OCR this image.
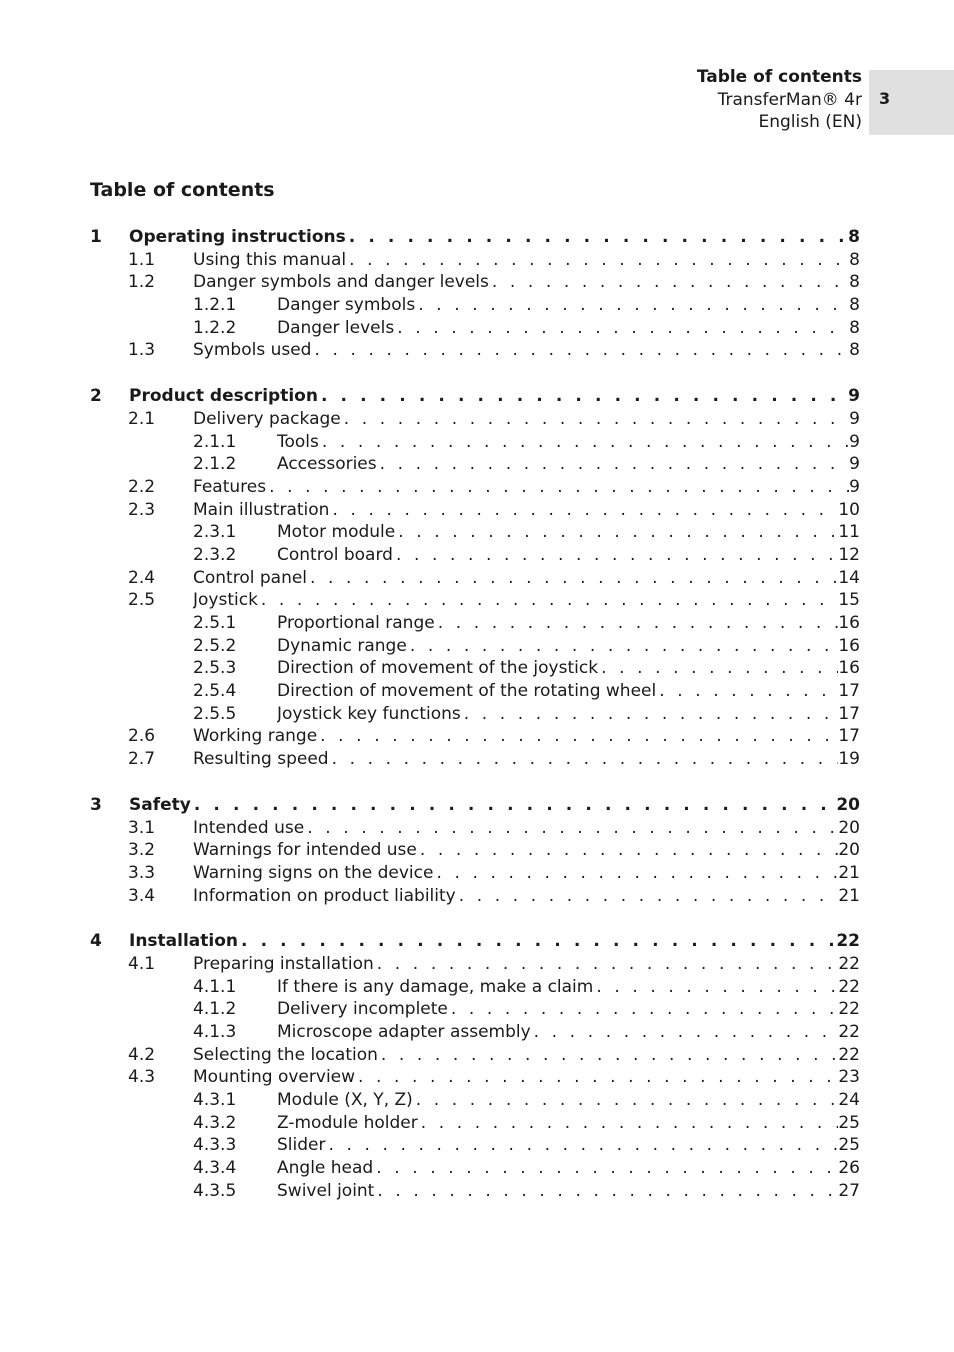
Table of contents
TransferMan® 4r
English (EN)
3
Table of contents
1 Operating instructions . . .	8
1.1 Using this manual . . .	8
1.2 Danger symbols and danger levels . . .	8
1.2.1 Danger symbols . . .	8
1.2.2 Danger levels . . .	8
1.3 Symbols used . . .	8
2 Product description . . .	9
2.1 Delivery package . . .	9
2.1.1 Tools . . .	9
2.1.2 Accessories . . .	9
2.2 Features . . .	9
2.3 Main illustration . . .	10
2.3.1 Motor module . . .	11
2.3.2 Control board . . .	12
2.4 Control panel . . .	14
2.5 Joystick . . .	15
2.5.1 Proportional range . . .	16
2.5.2 Dynamic range . . .	16
2.5.3 Direction of movement of the joystick . . .	16
2.5.4 Direction of movement of the rotating wheel . . .	17
2.5.5 Joystick key functions . . .	17
2.6 Working range . . .	17
2.7 Resulting speed . . .	19
3 Safety . . .	20
3.1 Intended use . . .	20
3.2 Warnings for intended use . . .	20
3.3 Warning signs on the device . . .	21
3.4 Information on product liability . . .	21
4 Installation . . .	22
4.1 Preparing installation . . .	22
4.1.1 If there is any damage, make a claim . . .	22
4.1.2 Delivery incomplete . . .	22
4.1.3 Microscope adapter assembly . . .	22
4.2 Selecting the location . . .	22
4.3 Mounting overview . . .	23
4.3.1 Module (X, Y, Z) . . .	24
4.3.2 Z-module holder . . .	25
4.3.3 Slider . . .	25
4.3.4 Angle head . . .	26
4.3.5 Swivel joint . . .	27
